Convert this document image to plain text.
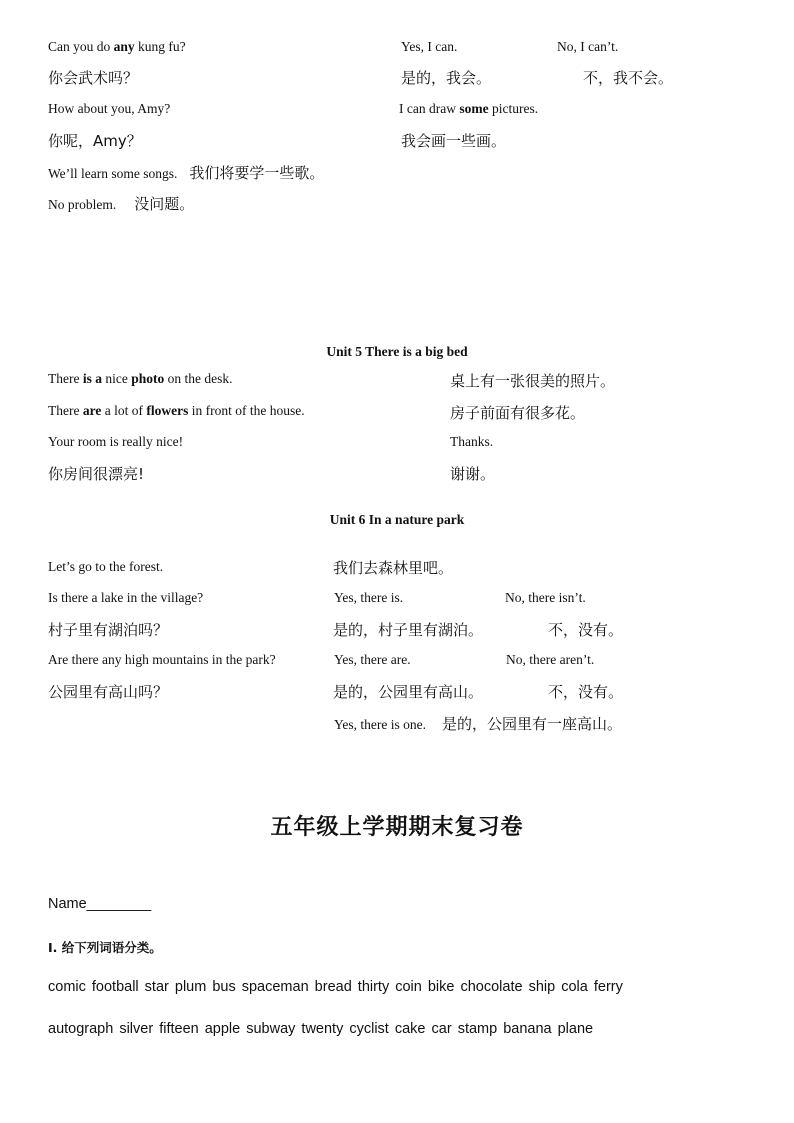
Can you do any kung fu?	Yes, I can.	No, I can’t.
你会武术吗？	是的，我会。	不，我不会。
How about you, Amy?	I can draw some pictures.
你呢，Amy？	我会画一些画。
We’ll learn some songs. 我们将要学一些歌。
No problem. 没问题。
Unit 5 There is a big bed
There is a nice photo on the desk.	桌上有一张很美的照片。
There are a lot of flowers in front of the house.	房子前面有很多花。
Your room is really nice!	Thanks.
你房间很漂亮!	谢谢。
Unit 6 In a nature park
Let’s go to the forest.	我们去森林里吧。
Is there a lake in the village?	Yes, there is.	No, there isn’t.
村子里有湖泊吗？	是的，村子里有湖泊。	不，没有。
Are there any high mountains in the park?	Yes, there are.	No, there aren’t.
公园里有高山吗？	是的，公园里有高山。	不，没有。
Yes, there is one. 是的，公园里有一座高山。
五年级上学期期末复习卷
Name________
I. 给下列词语分类。
comic football star plum bus spaceman bread thirty coin bike chocolate ship cola ferry
autograph silver fifteen apple subway twenty cyclist cake car stamp banana plane
